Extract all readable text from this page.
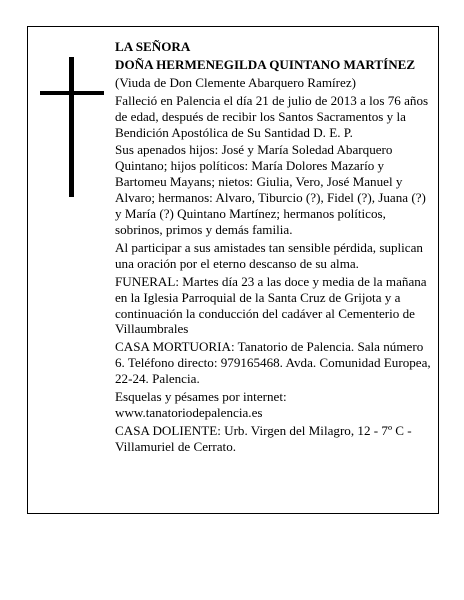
LA SEÑORA

DOÑA HERMENEGILDA QUINTANO MARTÍNEZ

(Viuda de Don Clemente Abarquero Ramírez)

Falleció en Palencia el día 21 de julio de 2013 a los 76 años de edad, después de recibir los Santos Sacramentos y la Bendición Apostólica de Su Santidad D. E. P.

Sus apenados hijos: José y María Soledad Abarquero Quintano; hijos políticos: María Dolores Mazarío y Bartomeu Mayans; nietos: Giulia, Vero, José Manuel y Alvaro; hermanos: Alvaro, Tiburcio (?), Fidel (?), Juana (?) y María (?) Quintano Martínez; hermanos políticos, sobrinos, primos y demás familia.

Al participar a sus amistades tan sensible pérdida, suplican una oración por el eterno descanso de su alma.

FUNERAL: Martes día 23 a las doce y media de la mañana en la Iglesia Parroquial de la Santa Cruz de Grijota y a continuación la conducción del cadáver al Cementerio de Villaumbrales

CASA MORTUORIA: Tanatorio de Palencia. Sala número 6. Teléfono directo: 979165468. Avda. Comunidad Europea, 22-24. Palencia.

Esquelas y pésames por internet: www.tanatoriodepalencia.es

CASA DOLIENTE: Urb. Virgen del Milagro, 12 - 7º C - Villamuriel de Cerrato.
